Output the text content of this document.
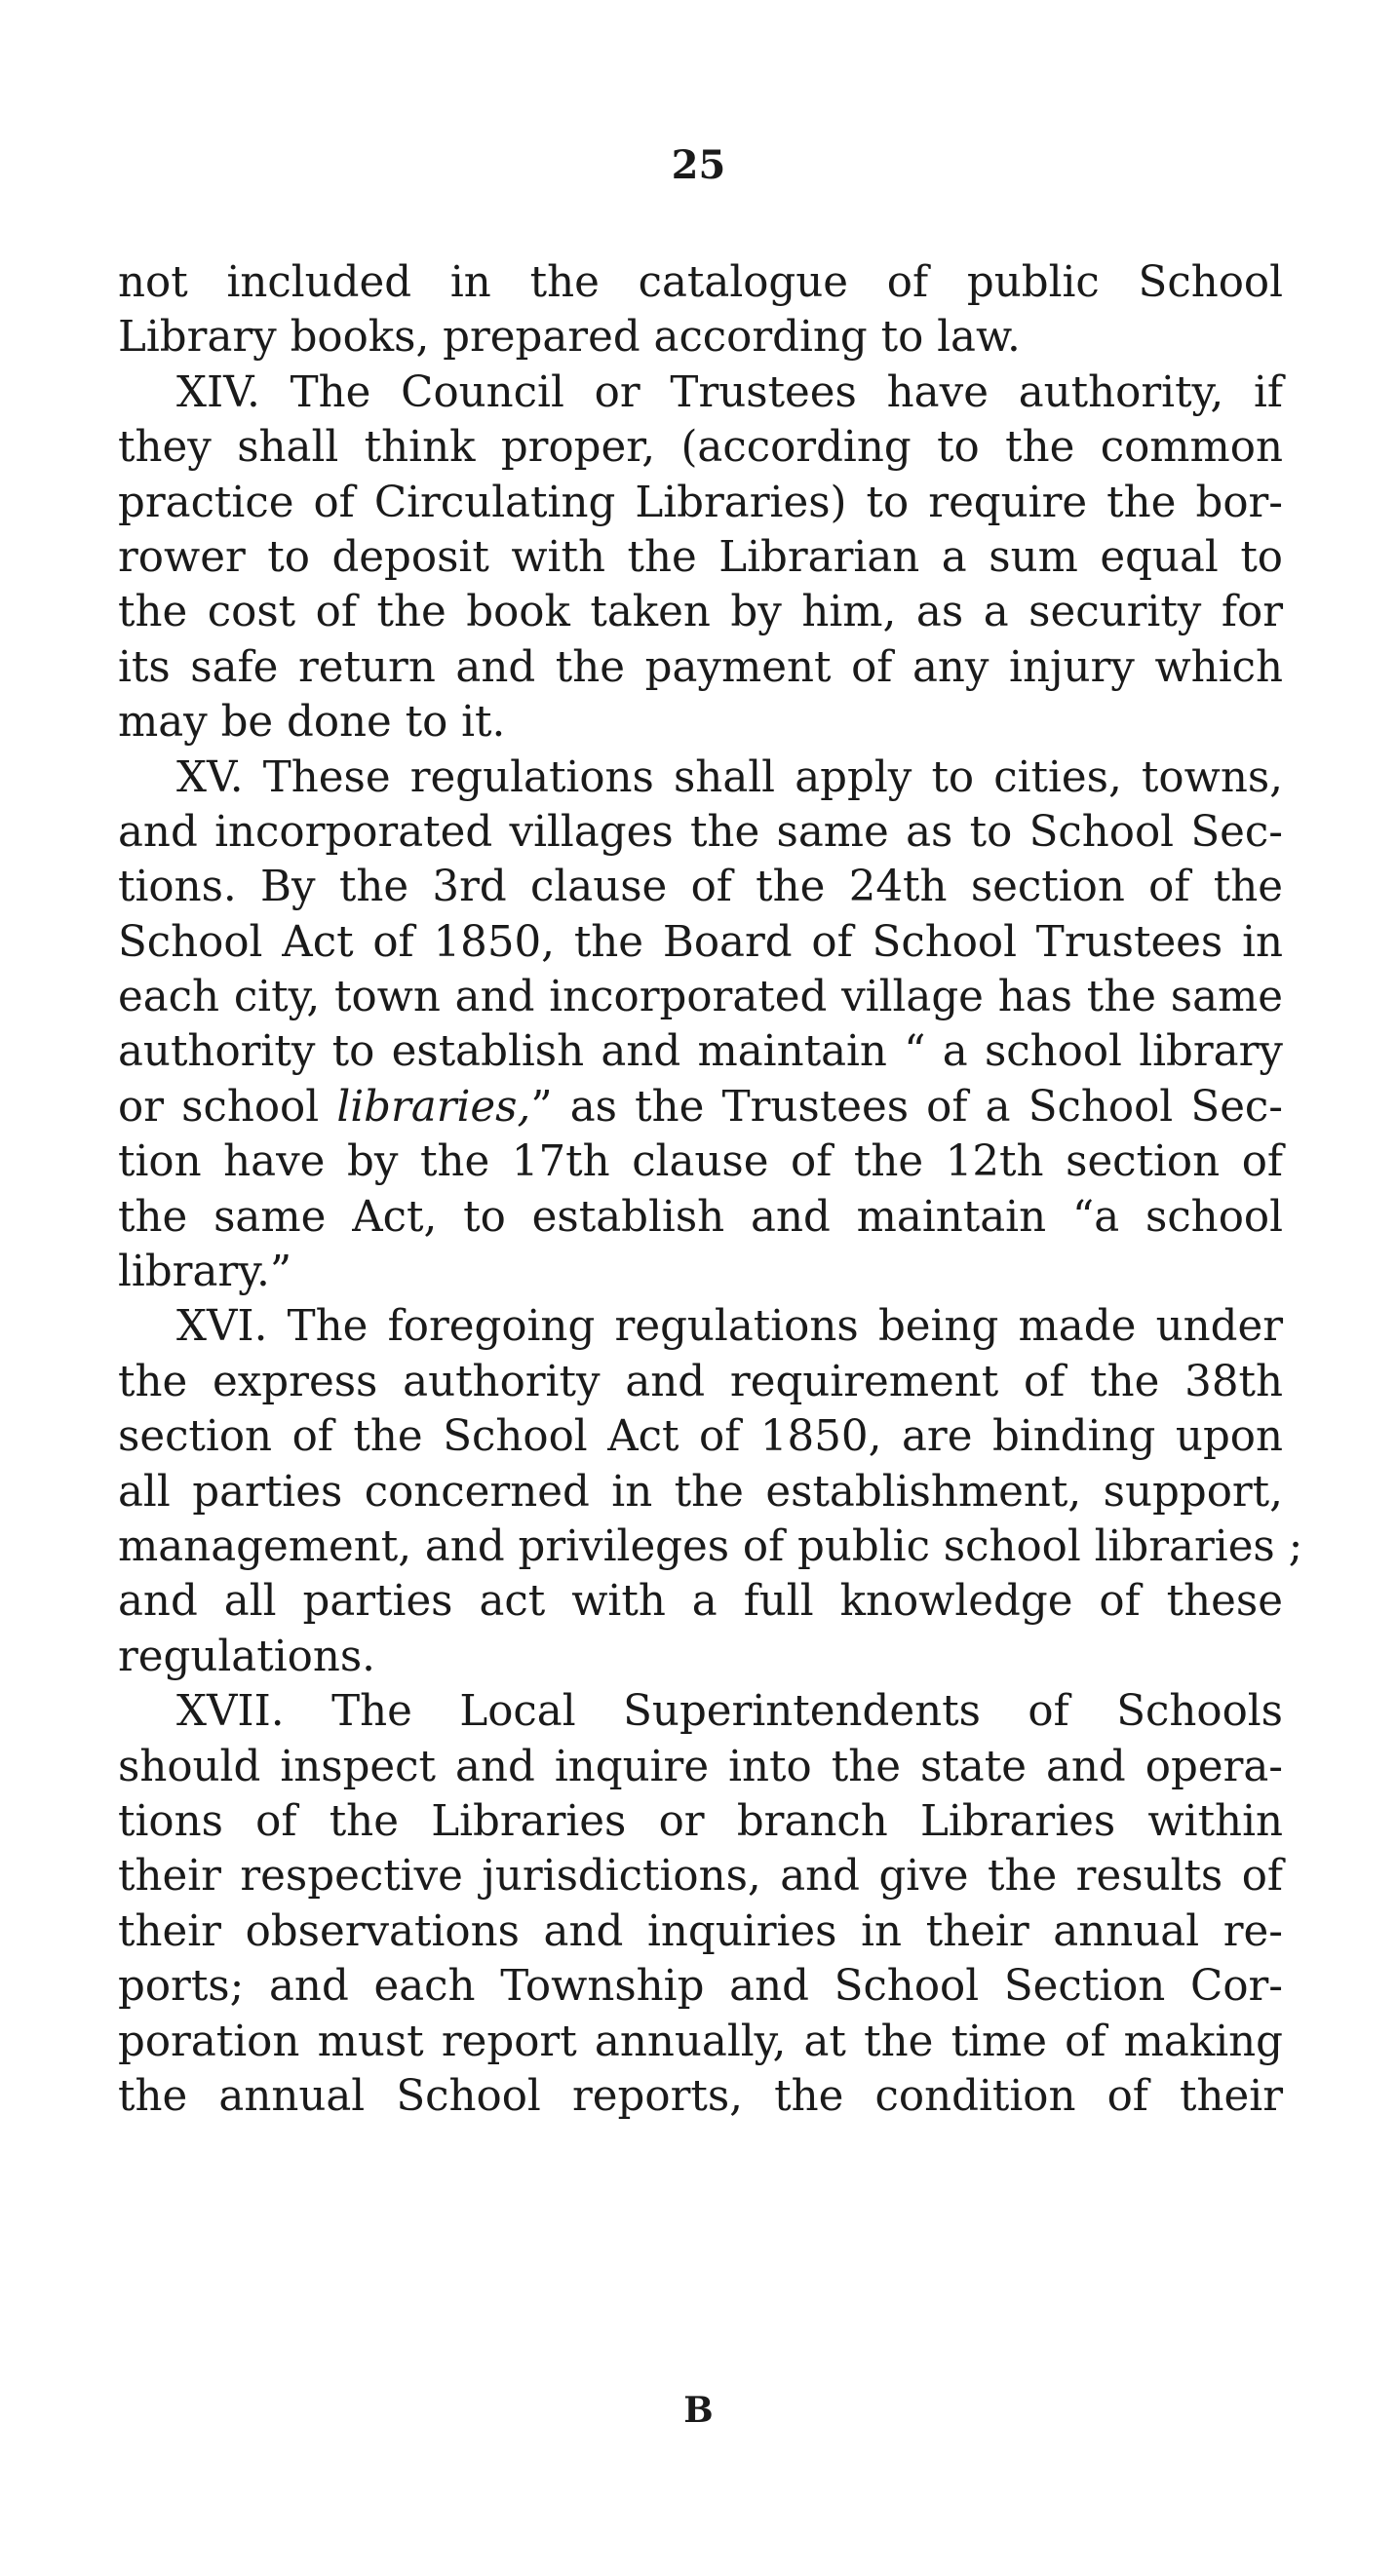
25
not included in the catalogue of public School
Library books, prepared according to law.
XIV. The Council or Trustees have authority, if
they shall think proper, (according to the common
practice of Circulating Libraries) to require the bor-
rower to deposit with the Librarian a sum equal to
the cost of the book taken by him, as a security for
its safe return and the payment of any injury which
may be done to it.
XV. These regulations shall apply to cities, towns,
and incorporated villages the same as to School Sec-
tions. By the 3rd clause of the 24th section of the
School Act of 1850, the Board of School Trustees in
each city, town and incorporated village has the same
authority to establish and maintain “ a school library
or school libraries,” as the Trustees of a School Sec-
tion have by the 17th clause of the 12th section of
the same Act, to establish and maintain “a school
library.”
XVI. The foregoing regulations being made under
the express authority and requirement of the 38th
section of the School Act of 1850, are binding upon
all parties concerned in the establishment, support,
management, and privileges of public school libraries ;
and all parties act with a full knowledge of these
regulations.
XVII. The Local Superintendents of Schools
should inspect and inquire into the state and opera-
tions of the Libraries or branch Libraries within
their respective jurisdictions, and give the results of
their observations and inquiries in their annual re-
ports; and each Township and School Section Cor-
poration must report annually, at the time of making
the annual School reports, the condition of their
B
